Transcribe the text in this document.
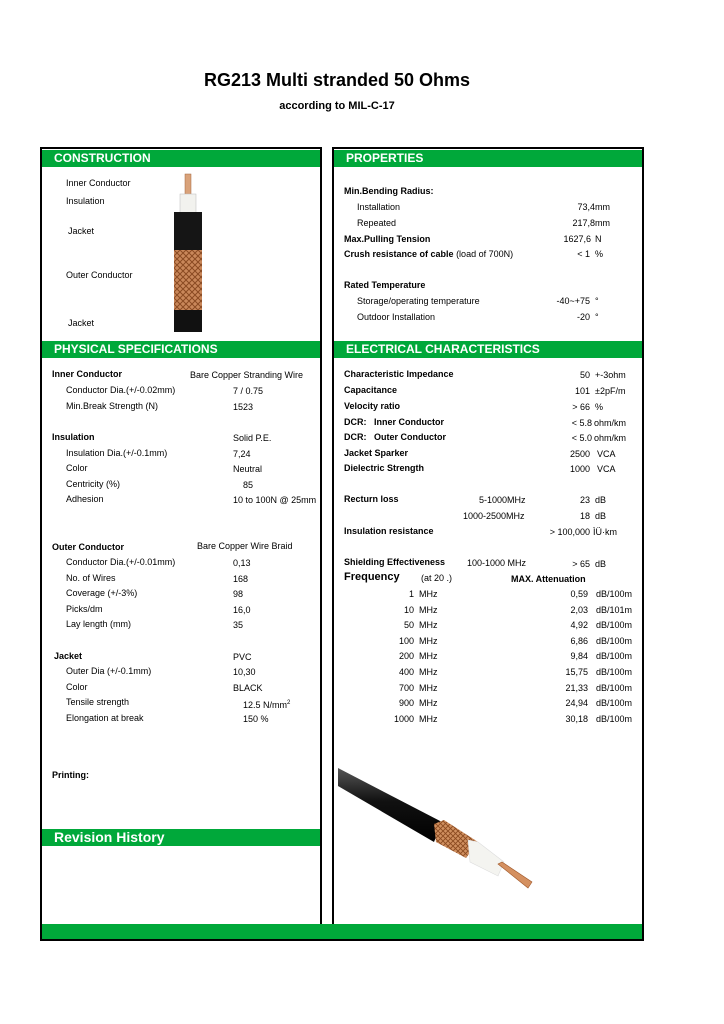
RG213 Multi stranded 50 Ohms
according to MIL-C-17
CONSTRUCTION	PROPERTIES
PHYSICAL SPECIFICATIONS	ELECTRICAL CHARACTERISTICS
Revision History
Inner Conductor
Insulation
Jacket
Outer Conductor
Jacket
Min.Bending Radius:
Installation	73,4 mm
Repeated	217,8 mm
Max.Pulling Tension	1627,6 N
Crush resistance of cable (load of 700N)	< 1 %
Rated Temperature
Storage/operating temperature	-40~+75 °
Outdoor Installation	-20 °
Inner Conductor	Bare Copper Stranding Wire
Conductor Dia.(+/-0.02mm)	7 / 0.75
Min.Break Strength (N)	1523
Insulation	Solid P.E.
Insulation Dia.(+/-0.1mm)	7,24
Color	Neutral
Centricity (%)	85
Adhesion	10 to 100N @ 25mm
Outer Conductor	Bare Copper Wire Braid
Conductor Dia.(+/-0.01mm)	0,13
No. of Wires	168
Coverage (+/-3%)	98
Picks/dm	16,0
Lay length (mm)	35
Jacket	PVC
Outer Dia (+/-0.1mm)	10,30
Color	BLACK
Tensile strength	12.5 $N/mm^2$
Elongation at break	150 %
Printing:
Characteristic Impedance	50 +-3ohm
Capacitance	101 ±2pF/m
Velocity ratio	> 66 %
DCR: Inner Conductor	< 5.8 ohm/km
DCR: Outer Conductor	< 5.0 ohm/km
Jacket Sparker	2500 VCA
Dielectric Strength	1000 VCA
Recturn loss	5-1000MHz	23 dB
1000-2500MHz	18 dB
Insulation resistance	> 100,000 ÌÜ·km
Shielding Effectiveness 100-1000 MHz	> 65 dB
Frequency (at 20 .)	MAX. Attenuation
1 MHz	0,59 dB/100m
10 MHz	2,03 dB/101m
50 MHz	4,92 dB/100m
100 MHz	6,86 dB/100m
200 MHz	9,84 dB/100m
400 MHz	15,75 dB/100m
700 MHz	21,33 dB/100m
900 MHz	24,94 dB/100m
1000 MHz	30,18 dB/100m
